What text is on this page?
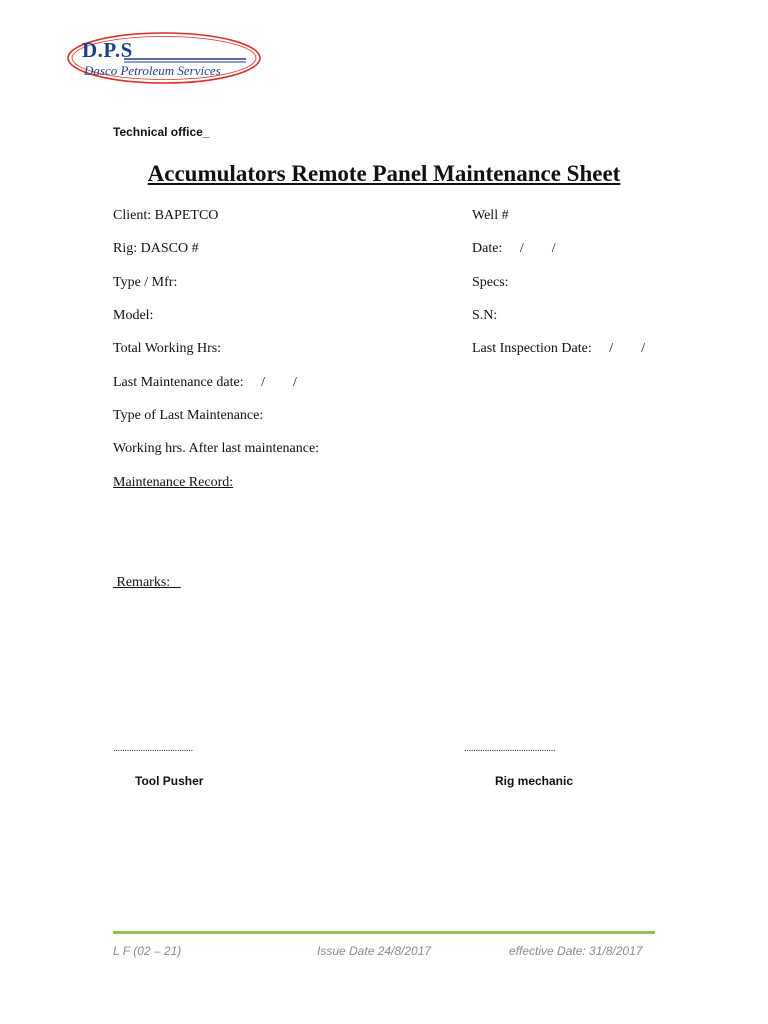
D.P.S
Dasco Petroleum Services
Technical office_
Accumulators Remote Panel Maintenance Sheet
Client: BAPETCO
Rig: DASCO #
Type / Mfr:
Model:
Total Working Hrs:
Last Maintenance date:     /        /
Type of Last Maintenance:
Working hrs. After last maintenance:
Maintenance Record:
Well #
Date:     /        /
Specs:
S.N:
Last Inspection Date:     /        /
Remarks:
...................................
Tool Pusher
........................................
Rig mechanic
L F (02 – 21)	Issue Date 24/8/2017	effective Date: 31/8/2017
